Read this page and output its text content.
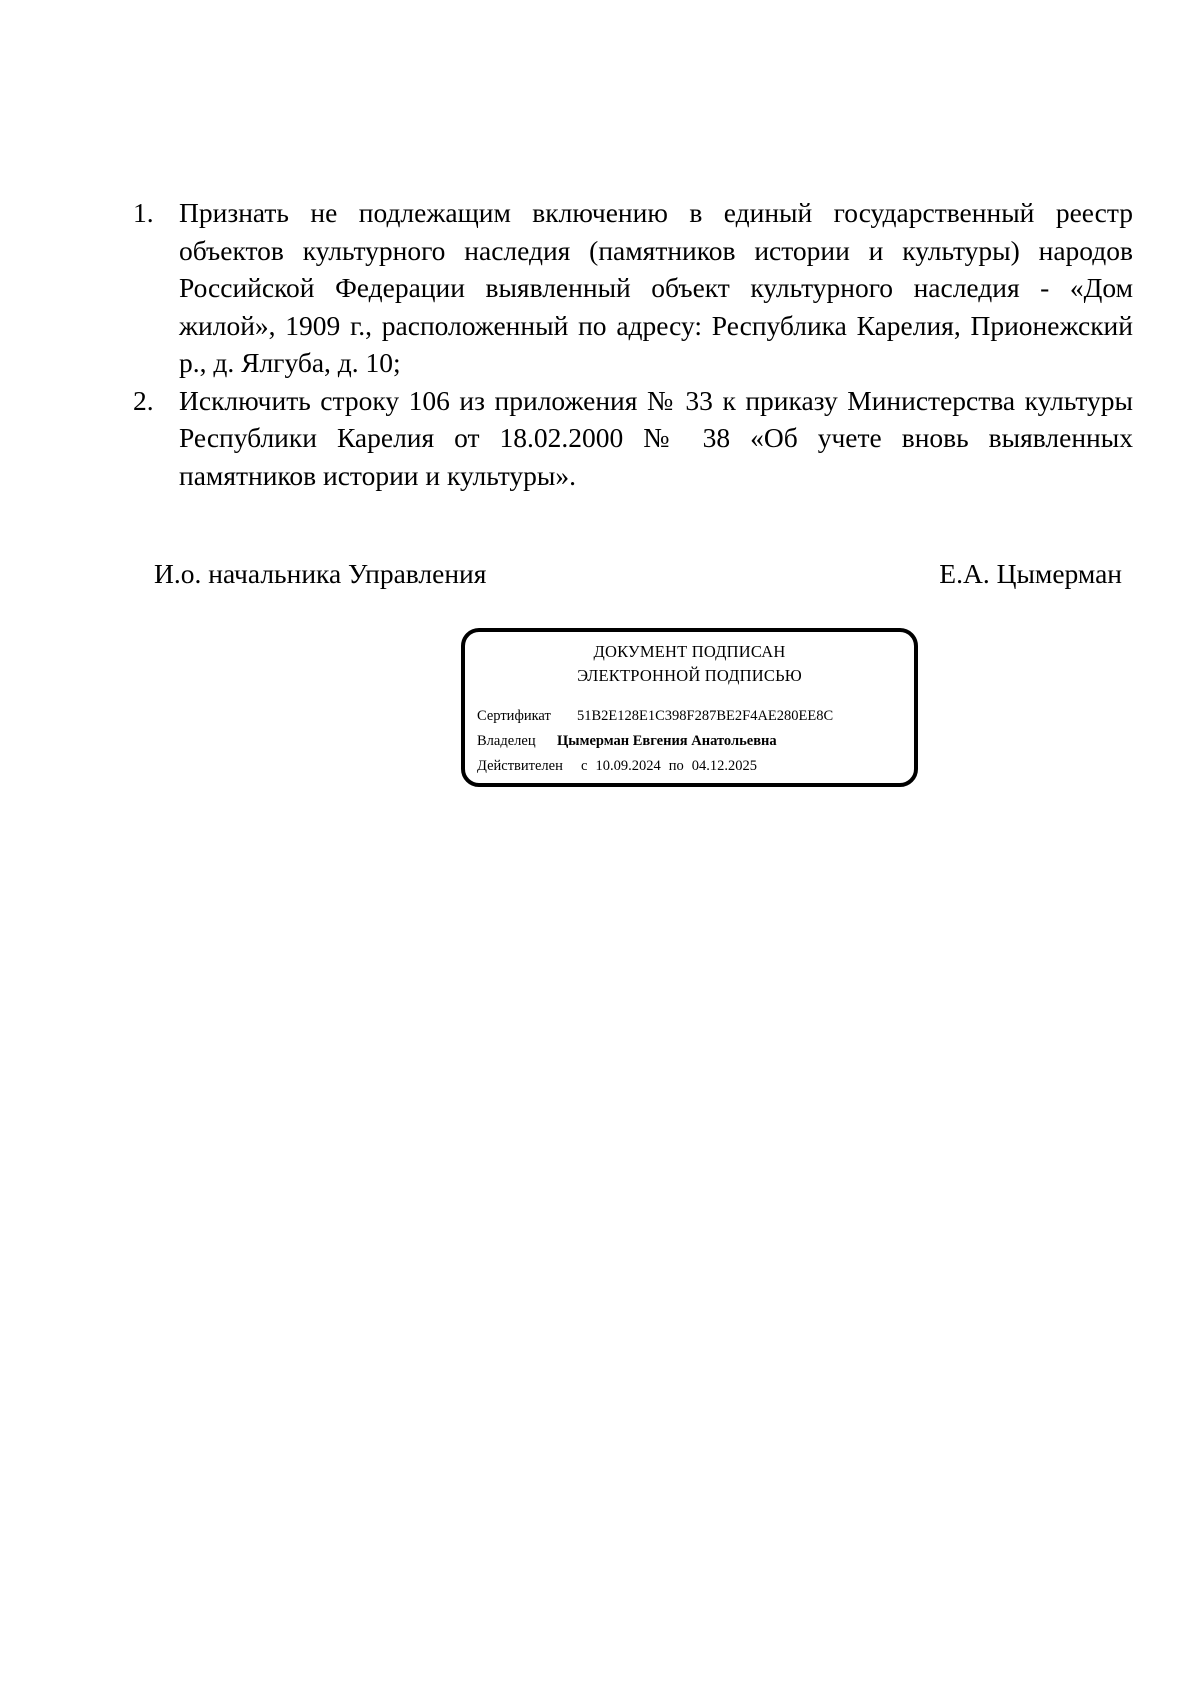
1. Признать не подлежащим включению в единый государственный реестр объектов культурного наследия (памятников истории и культуры) народов Российской Федерации выявленный объект культурного наследия - «Дом жилой», 1909 г., расположенный по адресу: Республика Карелия, Прионежский р., д. Ялгуба, д. 10;
2. Исключить строку 106 из приложения № 33 к приказу Министерства культуры Республики Карелия от 18.02.2000 № 38 «Об учете вновь выявленных памятников истории и культуры».
И.о. начальника Управления	Е.А. Цымерман
ДОКУМЕНТ ПОДПИСАН
ЭЛЕКТРОННОЙ ПОДПИСЬЮ
Сертификат	51B2E128E1C398F287BE2F4AE280EE8C
Владелец	Цымерман Евгения Анатольевна
Действителен	с 10.09.2024 по 04.12.2025
